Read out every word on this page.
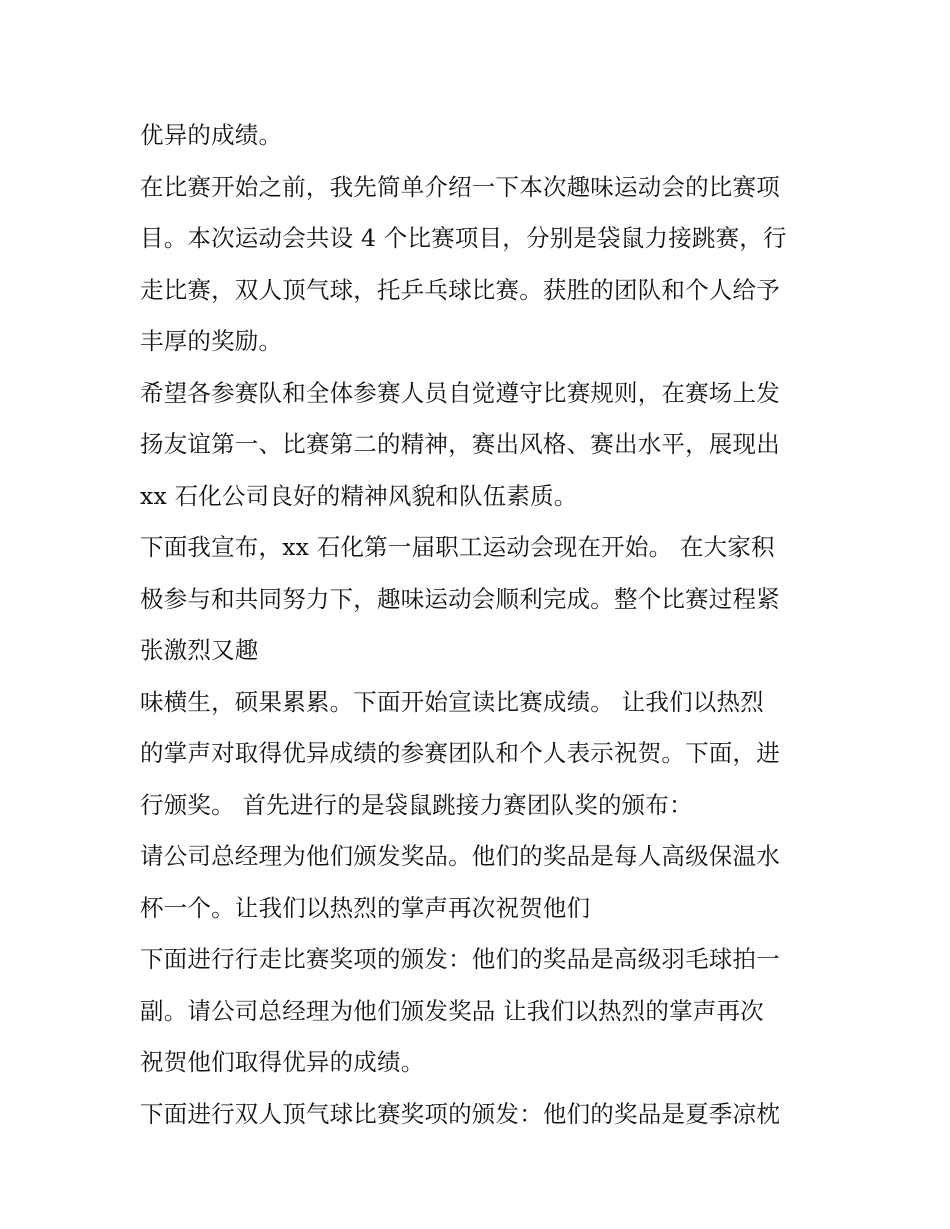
优异的成绩。
在比赛开始之前，我先简单介绍一下本次趣味运动会的比赛项
目。本次运动会共设 4 个比赛项目，分别是袋鼠力接跳赛，行
走比赛，双人顶气球，托乒乓球比赛。获胜的团队和个人给予
丰厚的奖励。
希望各参赛队和全体参赛人员自觉遵守比赛规则，在赛场上发
扬友谊第一、比赛第二的精神，赛出风格、赛出水平，展现出
xx 石化公司良好的精神风貌和队伍素质。
下面我宣布，xx 石化第一届职工运动会现在开始。 在大家积
极参与和共同努力下，趣味运动会顺利完成。整个比赛过程紧
张激烈又趣
味横生，硕果累累。下面开始宣读比赛成绩。 让我们以热烈
的掌声对取得优异成绩的参赛团队和个人表示祝贺。下面，进
行颁奖。 首先进行的是袋鼠跳接力赛团队奖的颁布：
请公司总经理为他们颁发奖品。他们的奖品是每人高级保温水
杯一个。让我们以热烈的掌声再次祝贺他们
下面进行行走比赛奖项的颁发：他们的奖品是高级羽毛球拍一
副。请公司总经理为他们颁发奖品 让我们以热烈的掌声再次
祝贺他们取得优异的成绩。
下面进行双人顶气球比赛奖项的颁发：他们的奖品是夏季凉枕
